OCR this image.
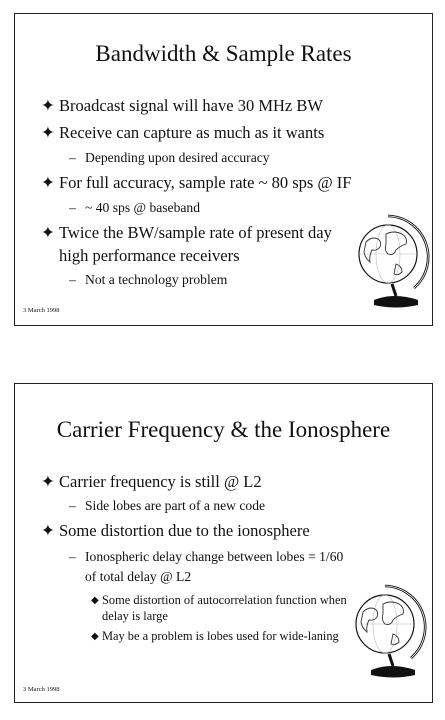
Bandwidth & Sample Rates
✦ Broadcast signal will have 30 MHz BW
✦ Receive can capture as much as it wants
– Depending upon desired accuracy
✦ For full accuracy, sample rate ~ 80 sps @ IF
– ~ 40 sps @ baseband
✦ Twice the BW/sample rate of present day
high performance receivers
– Not a technology problem
3 March 1998
Carrier Frequency & the Ionosphere
✦ Carrier frequency is still @ L2
– Side lobes are part of a new code
✦ Some distortion due to the ionosphere
– Ionospheric delay change between lobes = 1/60
of total delay @ L2
◆ Some distortion of autocorrelation function when
delay is large
◆ May be a problem is lobes used for wide-laning
3 March 1998
